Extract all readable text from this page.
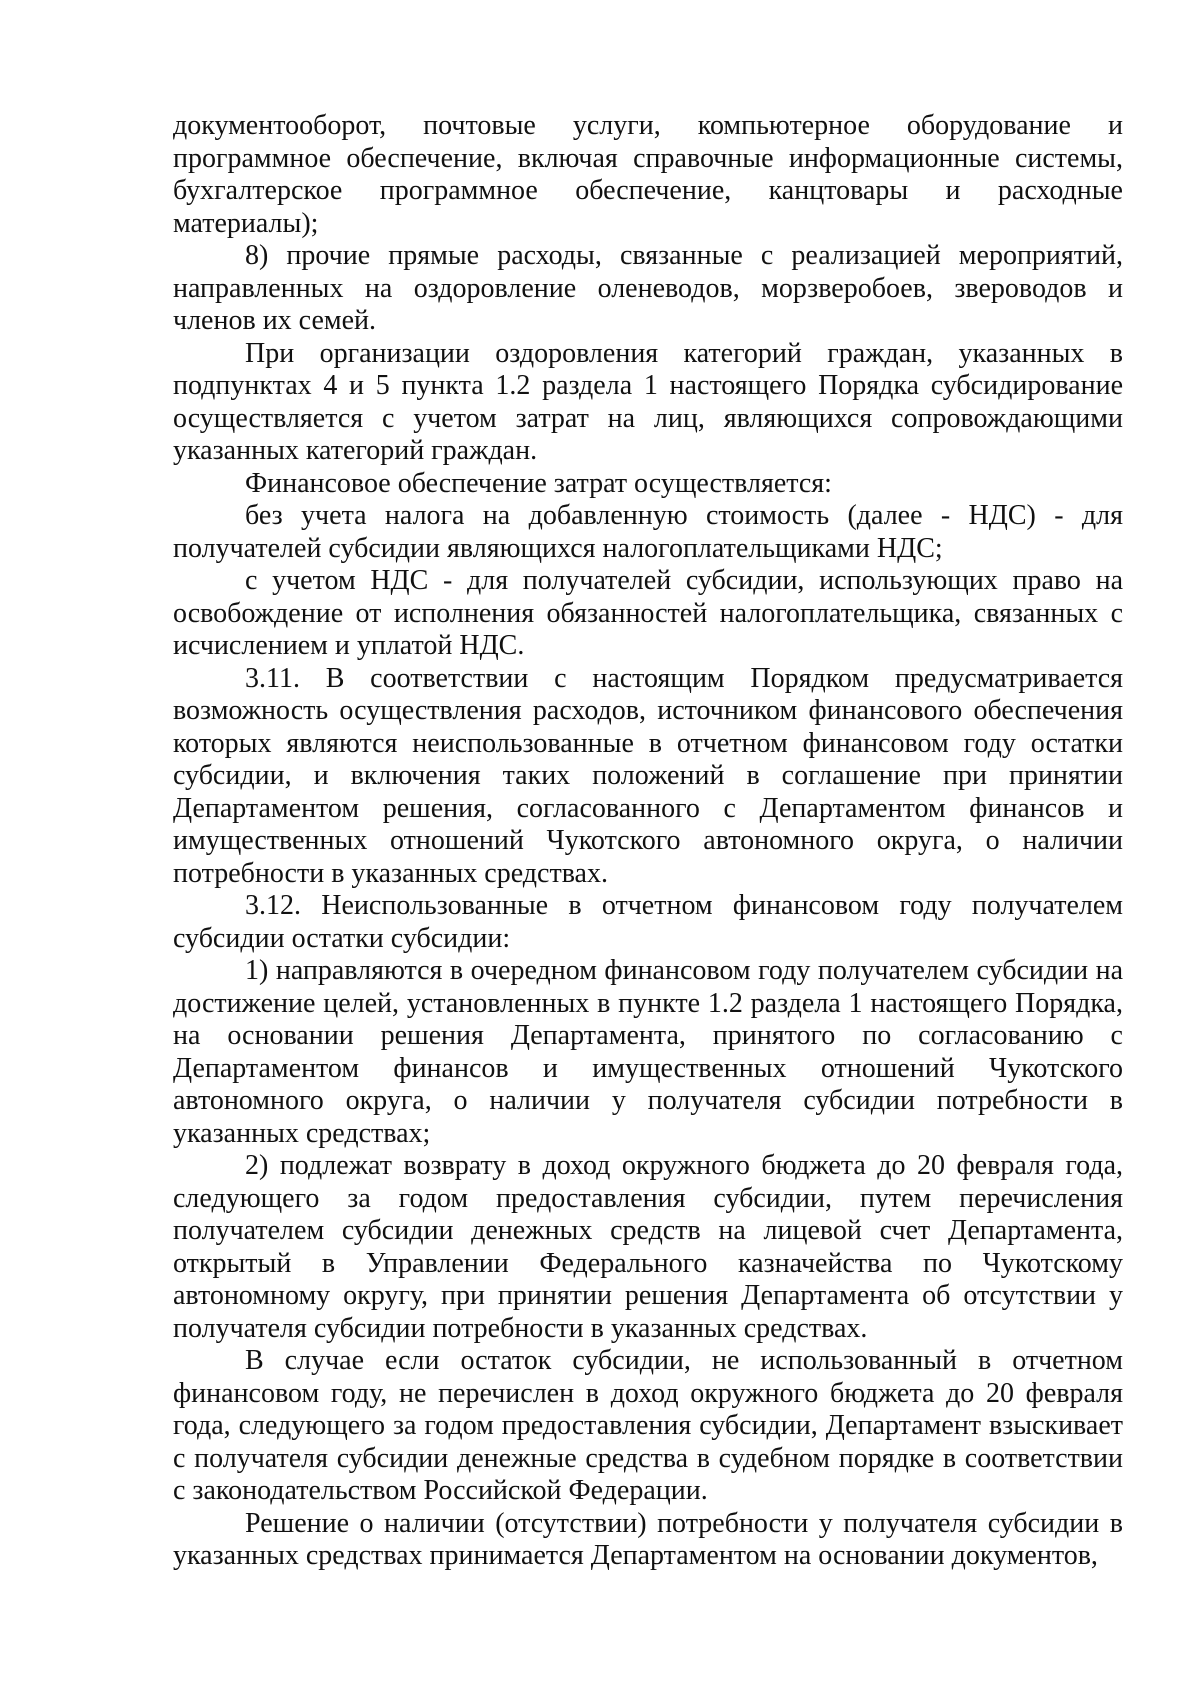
документооборот, почтовые услуги, компьютерное оборудование и программное обеспечение, включая справочные информационные системы, бухгалтерское программное обеспечение, канцтовары и расходные материалы);

8) прочие прямые расходы, связанные с реализацией мероприятий, направленных на оздоровление оленеводов, морзверобоев, звероводов и членов их семей.

При организации оздоровления категорий граждан, указанных в подпунктах 4 и 5 пункта 1.2 раздела 1 настоящего Порядка субсидирование осуществляется с учетом затрат на лиц, являющихся сопровождающими указанных категорий граждан.

Финансовое обеспечение затрат осуществляется:

без учета налога на добавленную стоимость (далее - НДС) - для получателей субсидии являющихся налогоплательщиками НДС;

с учетом НДС - для получателей субсидии, использующих право на освобождение от исполнения обязанностей налогоплательщика, связанных с исчислением и уплатой НДС.

3.11. В соответствии с настоящим Порядком предусматривается возможность осуществления расходов, источником финансового обеспечения которых являются неиспользованные в отчетном финансовом году остатки субсидии, и включения таких положений в соглашение при принятии Департаментом решения, согласованного с Департаментом финансов и имущественных отношений Чукотского автономного округа, о наличии потребности в указанных средствах.

3.12. Неиспользованные в отчетном финансовом году получателем субсидии остатки субсидии:

1) направляются в очередном финансовом году получателем субсидии на достижение целей, установленных в пункте 1.2 раздела 1 настоящего Порядка, на основании решения Департамента, принятого по согласованию с Департаментом финансов и имущественных отношений Чукотского автономного округа, о наличии у получателя субсидии потребности в указанных средствах;

2) подлежат возврату в доход окружного бюджета до 20 февраля года, следующего за годом предоставления субсидии, путем перечисления получателем субсидии денежных средств на лицевой счет Департамента, открытый в Управлении Федерального казначейства по Чукотскому автономному округу, при принятии решения Департамента об отсутствии у получателя субсидии потребности в указанных средствах.

В случае если остаток субсидии, не использованный в отчетном финансовом году, не перечислен в доход окружного бюджета до 20 февраля года, следующего за годом предоставления субсидии, Департамент взыскивает с получателя субсидии денежные средства в судебном порядке в соответствии с законодательством Российской Федерации.

Решение о наличии (отсутствии) потребности у получателя субсидии в указанных средствах принимается Департаментом на основании документов,
